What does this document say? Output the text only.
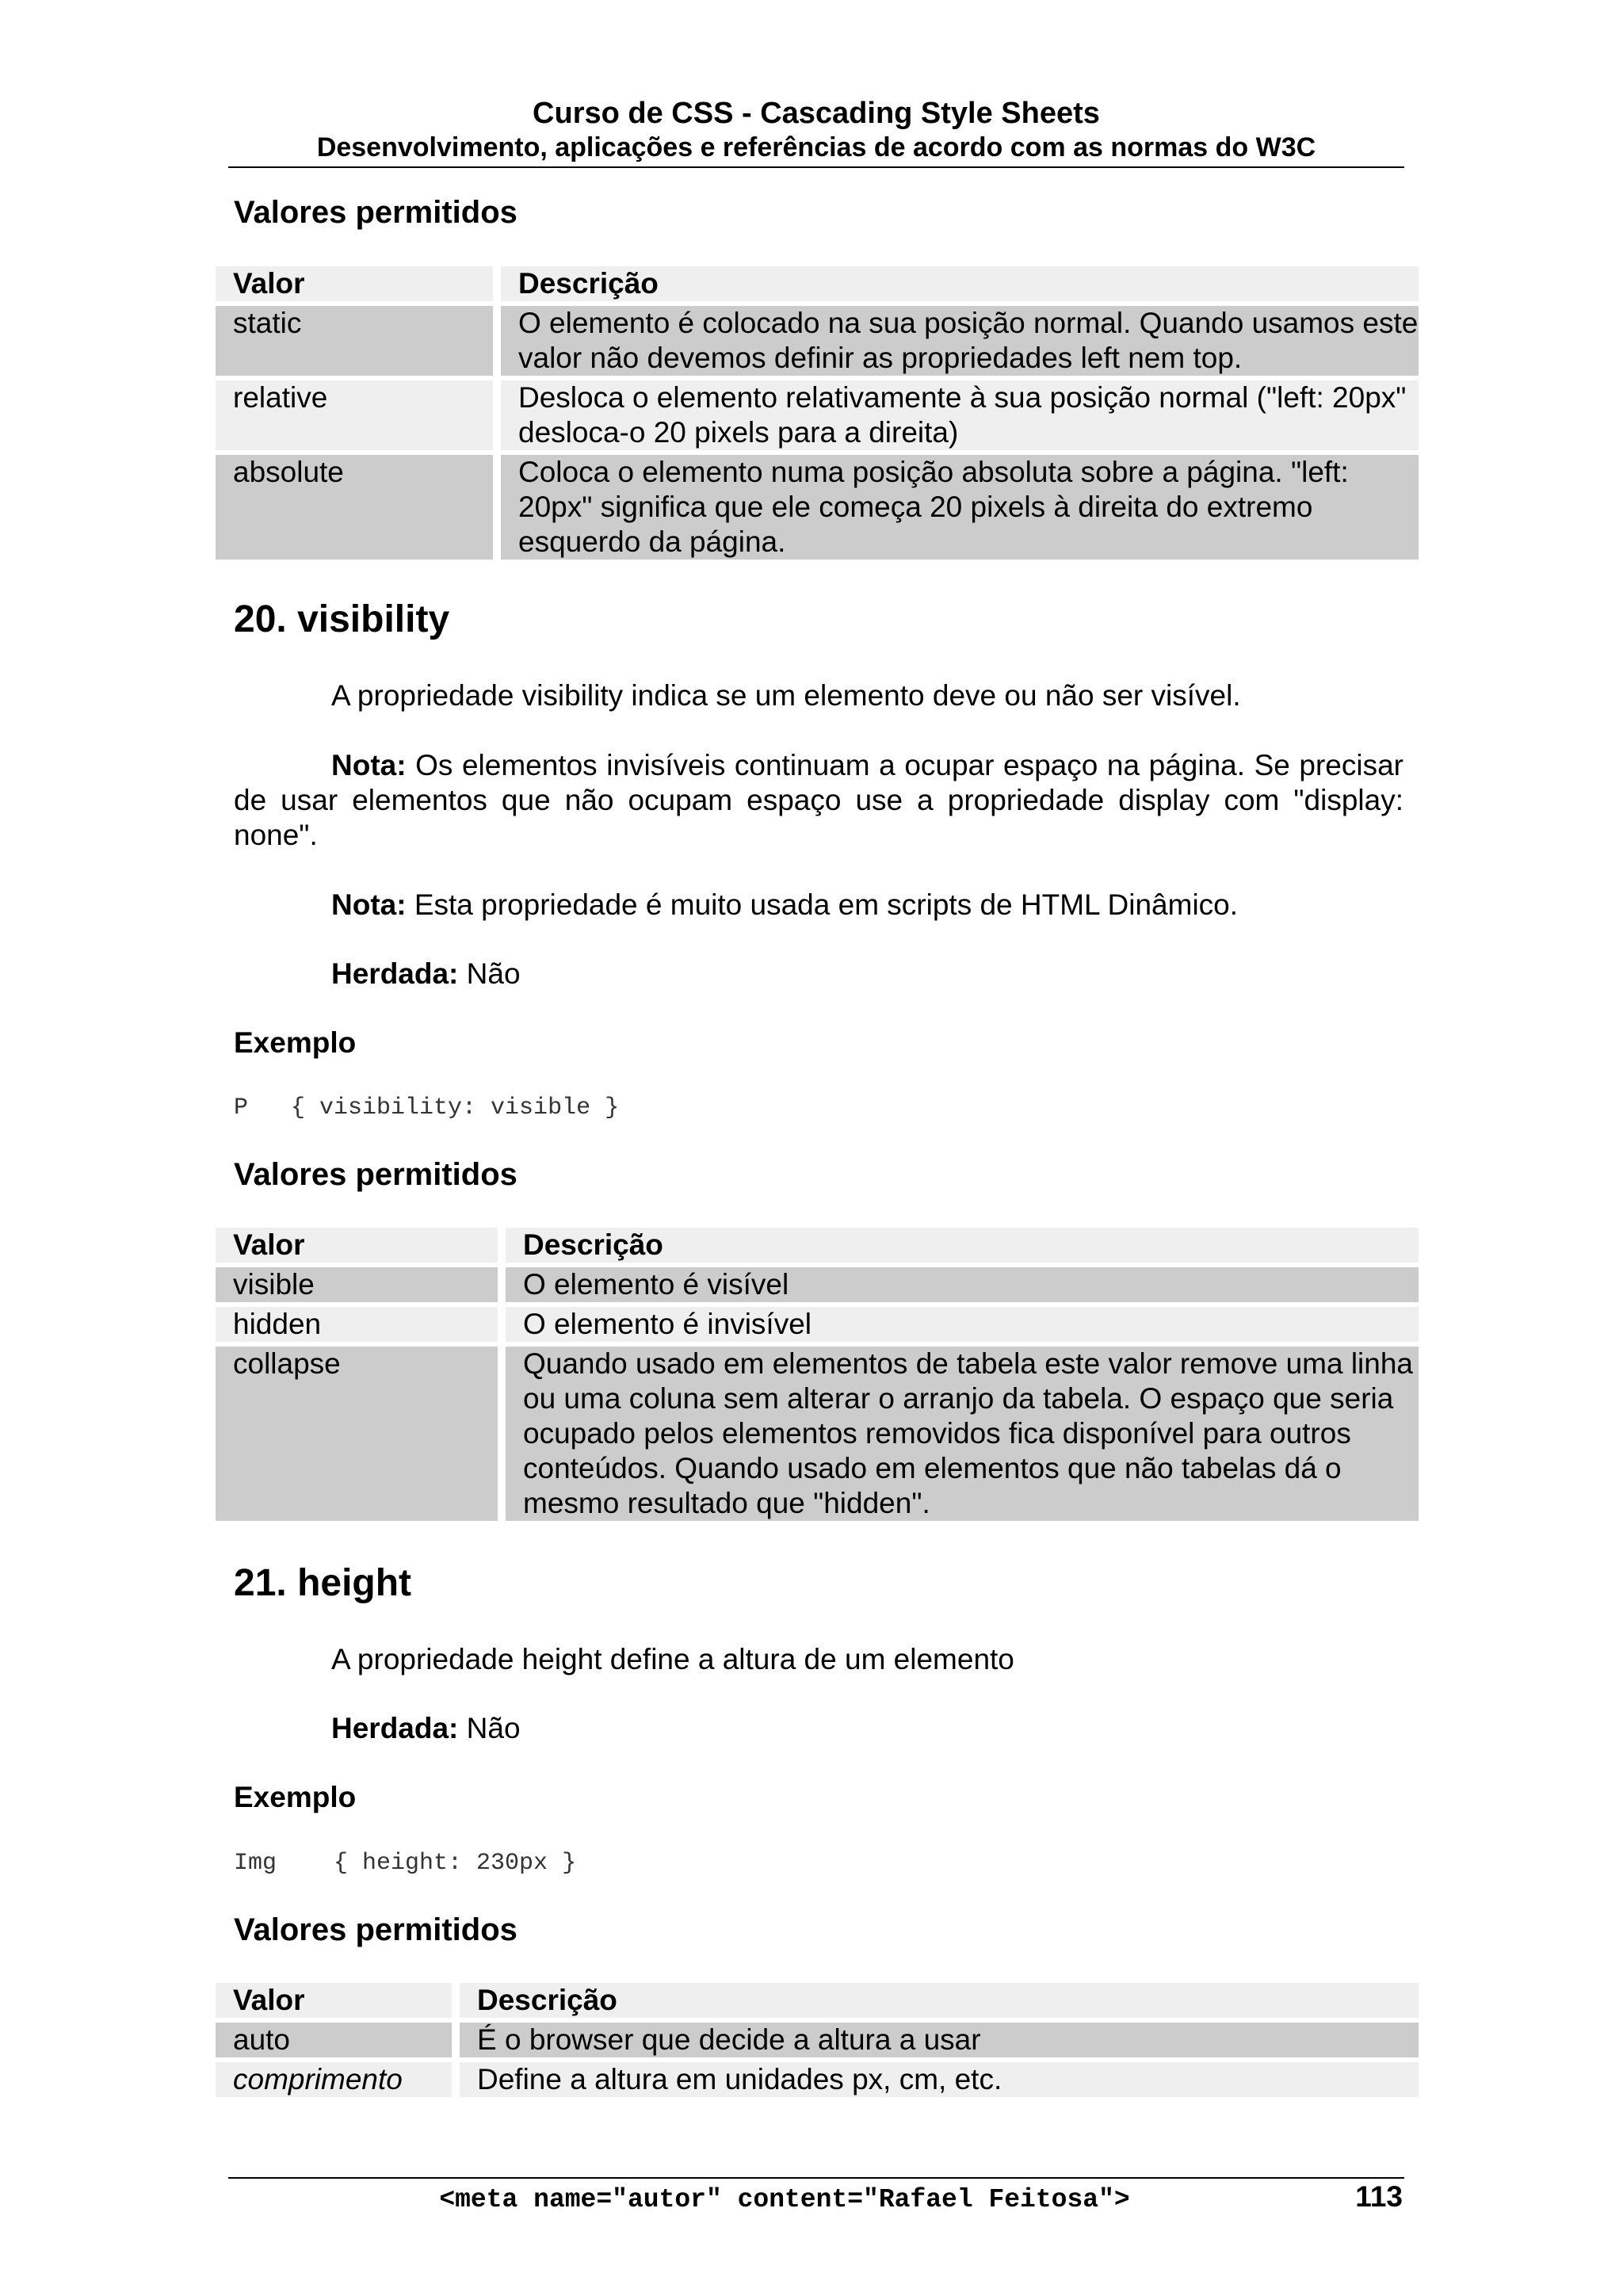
Curso de CSS - Cascading Style Sheets
Desenvolvimento, aplicações e referências de acordo com as normas do W3C
Valores permitidos
Valor	Descrição
static	O elemento é colocado na sua posição normal. Quando usamos este valor não devemos definir as propriedades left nem top.
relative	Desloca o elemento relativamente à sua posição normal ("left: 20px" desloca-o 20 pixels para a direita)
absolute	Coloca o elemento numa posição absoluta sobre a página. "left: 20px" significa que ele começa 20 pixels à direita do extremo esquerdo da página.
20. visibility
A propriedade visibility indica se um elemento deve ou não ser visível.
Nota: Os elementos invisíveis continuam a ocupar espaço na página. Se precisar de usar elementos que não ocupam espaço use a propriedade display com "display: none".
Nota: Esta propriedade é muito usada em scripts de HTML Dinâmico.
Herdada: Não
Exemplo
P   { visibility: visible }
Valores permitidos
Valor	Descrição
visible	O elemento é visível
hidden	O elemento é invisível
collapse	Quando usado em elementos de tabela este valor remove uma linha ou uma coluna sem alterar o arranjo da tabela. O espaço que seria ocupado pelos elementos removidos fica disponível para outros conteúdos. Quando usado em elementos que não tabelas dá o mesmo resultado que "hidden".
21. height
A propriedade height define a altura de um elemento
Herdada: Não
Exemplo
Img    { height: 230px }
Valores permitidos
Valor	Descrição
auto	É o browser que decide a altura a usar
comprimento	Define a altura em unidades px, cm, etc.
<meta name="autor" content="Rafael Feitosa">	113
